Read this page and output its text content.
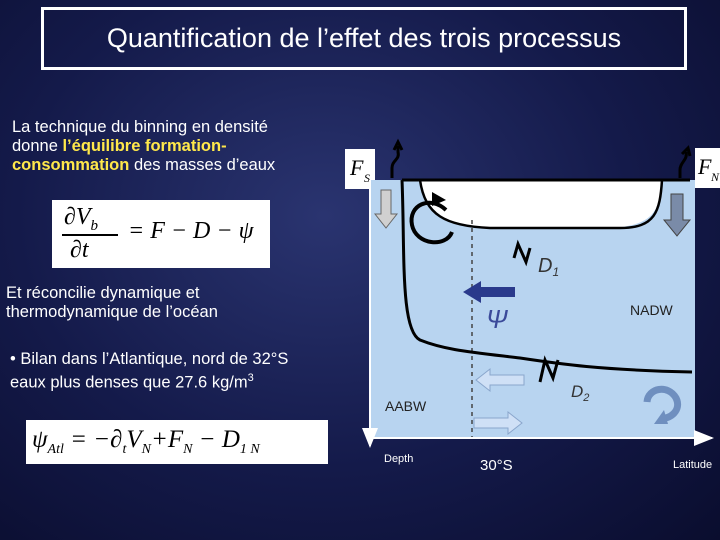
Quantification de l’effet des trois processus
La technique du binning en densité
donne l’équilibre formation-
consommation des masses d’eaux
$\partial V_b$
∂t
= F − D − ψ
Et réconcilie dynamique et
thermodynamique de l’océan
• Bilan dans l’Atlantique, nord de 32°S
eaux plus denses que 27.6 $kg/m^3$
$\psi_{Atl} = -\partial_tV_N+F_N - D_{1 N}$
F S	F N
$D_1$
Ψ	NADW
$D_2$
AABW
Depth	30°S	Latitude
